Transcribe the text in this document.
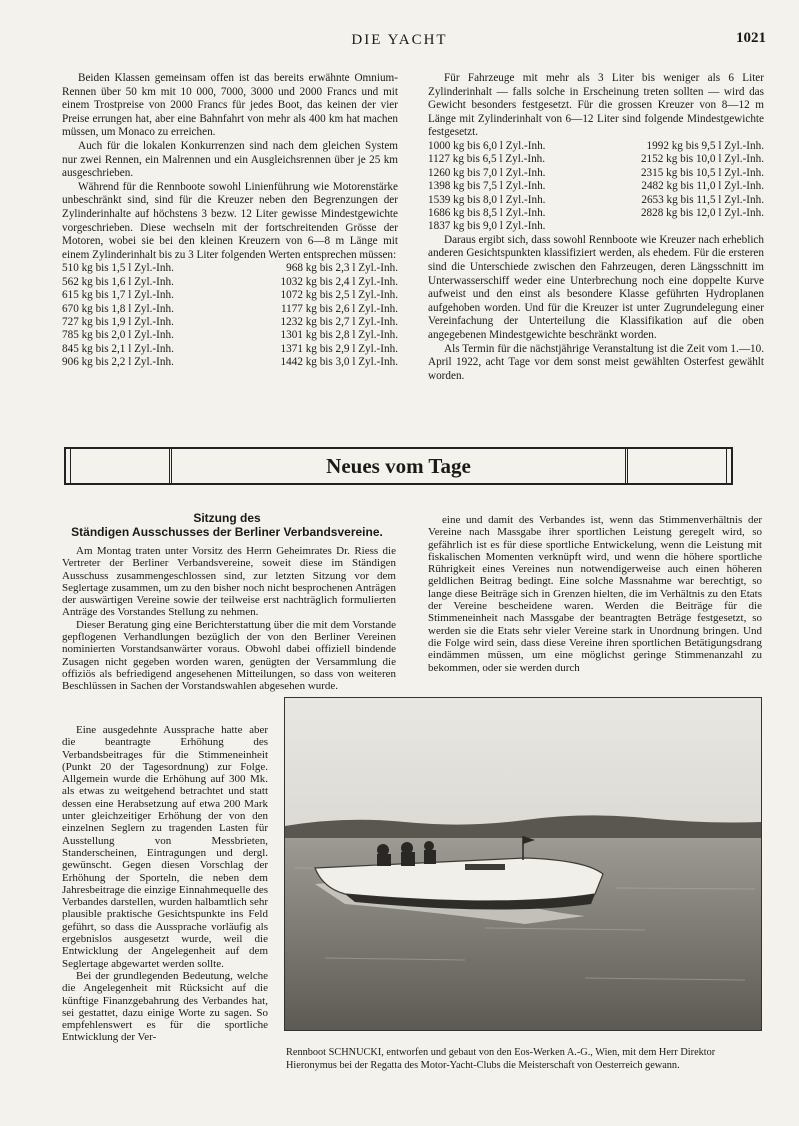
DIE YACHT	1021

Beiden Klassen gemeinsam offen ist das bereits erwähnte Omnium-Rennen über 50 km mit 10 000, 7000, 3000 und 2000 Francs und mit einem Trostpreise von 2000 Francs für jedes Boot, das keinen der vier Preise errungen hat, aber eine Bahnfahrt von mehr als 400 km hat machen müssen, um Monaco zu erreichen.

Auch für die lokalen Konkurrenzen sind nach dem gleichen System nur zwei Rennen, ein Malrennen und ein Ausgleichsrennen über je 25 km ausgeschrieben.

Während für die Rennboote sowohl Linienführung wie Motorenstärke unbeschränkt sind, sind für die Kreuzer neben den Begrenzungen der Zylinderinhalte auf höchstens 3 bezw. 12 Liter gewisse Mindestgewichte vorgeschrieben. Diese wechseln mit der fortschreitenden Grösse der Motoren, wobei sie bei den kleinen Kreuzern von 6—8 m Länge mit einem Zylinderinhalt bis zu 3 Liter folgenden Werten entsprechen müssen:

510 kg bis 1,5 l Zyl.-Inh.	968 kg bis 2,3 l Zyl.-Inh.
562 kg bis 1,6 l Zyl.-Inh.	1032 kg bis 2,4 l Zyl.-Inh.
615 kg bis 1,7 l Zyl.-Inh.	1072 kg bis 2,5 l Zyl.-Inh.
670 kg bis 1,8 l Zyl.-Inh.	1177 kg bis 2,6 l Zyl.-Inh.
727 kg bis 1,9 l Zyl.-Inh.	1232 kg bis 2,7 l Zyl.-Inh.
785 kg bis 2,0 l Zyl.-Inh.	1301 kg bis 2,8 l Zyl.-Inh.
845 kg bis 2,1 l Zyl.-Inh.	1371 kg bis 2,9 l Zyl.-Inh.
906 kg bis 2,2 l Zyl.-Inh.	1442 kg bis 3,0 l Zyl.-Inh.

Für Fahrzeuge mit mehr als 3 Liter bis weniger als 6 Liter Zylinderinhalt — falls solche in Erscheinung treten sollten — wird das Gewicht besonders festgesetzt. Für die grossen Kreuzer von 8—12 m Länge mit Zylinderinhalt von 6—12 Liter sind folgende Mindestgewichte festgesetzt.

1000 kg bis 6,0 l Zyl.-Inh.	1992 kg bis 9,5 l Zyl.-Inh.
1127 kg bis 6,5 l Zyl.-Inh.	2152 kg bis 10,0 l Zyl.-Inh.
1260 kg bis 7,0 l Zyl.-Inh.	2315 kg bis 10,5 l Zyl.-Inh.
1398 kg bis 7,5 l Zyl.-Inh.	2482 kg bis 11,0 l Zyl.-Inh.
1539 kg bis 8,0 l Zyl.-Inh.	2653 kg bis 11,5 l Zyl.-Inh.
1686 kg bis 8,5 l Zyl.-Inh.	2828 kg bis 12,0 l Zyl.-Inh.
1837 kg bis 9,0 l Zyl.-Inh.	

Daraus ergibt sich, dass sowohl Rennboote wie Kreuzer nach erheblich anderen Gesichtspunkten klassifiziert werden, als ehedem. Für die ersteren sind die Unterschiede zwischen den Fahrzeugen, deren Längsschnitt im Unterwasserschiff weder eine Unterbrechung noch eine doppelte Kurve aufweist und den einst als besondere Klasse geführten Hydroplanen aufgehoben worden. Und für die Kreuzer ist unter Zugrundelegung einer Vereinfachung der Unterteilung die Klassifikation auf die oben angegebenen Mindestgewichte beschränkt worden.

Als Termin für die nächstjährige Veranstaltung ist die Zeit vom 1.—10. April 1922, acht Tage vor dem sonst meist gewählten Osterfest gewählt worden.

Neues vom Tage
Sitzung des
Ständigen Ausschusses der Berliner Verbandsvereine.

Am Montag traten unter Vorsitz des Herrn Geheimrates Dr. Riess die Vertreter der Berliner Verbandsvereine, soweit diese im Ständigen Ausschuss zusammengeschlossen sind, zur letzten Sitzung vor dem Seglertage zusammen, um zu den bisher noch nicht besprochenen Anträgen der auswärtigen Vereine sowie der teilweise erst nachträglich formulierten Anträge des Vorstandes Stellung zu nehmen.

Dieser Beratung ging eine Berichterstattung über die mit dem Vorstande gepflogenen Verhandlungen bezüglich der von den Berliner Vereinen nominierten Vorstandsanwärter voraus. Obwohl dabei offiziell bindende Zusagen nicht gegeben worden waren, genügten der Versammlung die offiziös als befriedigend angesehenen Mitteilungen, so dass von weiteren Beschlüssen in Sachen der Vorstandswahlen abgesehen wurde.

Eine ausgedehnte Aussprache hatte aber die beantragte Erhöhung des Verbandsbeitrages für die Stimmeneinheit (Punkt 20 der Tagesordnung) zur Folge. Allgemein wurde die Erhöhung auf 300 Mk. als etwas zu weitgehend betrachtet und statt dessen eine Herabsetzung auf etwa 200 Mark unter gleichzeitiger Erhöhung der von den einzelnen Seglern zu tragenden Lasten für Ausstellung von Messbrieten, Standerscheinen, Eintragungen und dergl. gewünscht. Gegen diesen Vorschlag der Erhöhung der Sporteln, die neben dem Jahresbeitrage die einzige Einnahmequelle des Verbandes darstellen, wurden halbamtlich sehr plausible praktische Gesichtspunkte ins Feld geführt, so dass die Aussprache vorläufig als ergebnislos ausgesetzt wurde, weil die Entwicklung der Angelegenheit auf dem Seglertage abgewartet werden sollte.

Bei der grundlegenden Bedeutung, welche die Angelegenheit mit Rücksicht auf die künftige Finanzgebahrung des Verbandes hat, sei gestattet, dazu einige Worte zu sagen. So empfehlenswert es für die sportliche Entwicklung der Ver-

eine und damit des Verbandes ist, wenn das Stimmenverhältnis der Vereine nach Massgabe ihrer sportlichen Leistung geregelt wird, so gefährlich ist es für diese sportliche Entwickelung, wenn die Leistung mit fiskalischen Momenten verknüpft wird, und wenn die höhere sportliche Rührigkeit eines Vereines nun notwendigerweise auch einen höheren geldlichen Beitrag bedingt. Eine solche Massnahme war berechtigt, so lange diese Beiträge sich in Grenzen hielten, die im Verhältnis zu den Etats der Vereine bescheidene waren. Werden die Beiträge für die Stimmeneinheit nach Massgabe der beantragten Beträge festgesetzt, so werden sie die Etats sehr vieler Vereine stark in Unordnung bringen. Und die Folge wird sein, dass diese Vereine ihren sportlichen Betätigungsdrang eindämmen müssen, um eine möglichst geringe Stimmenanzahl zu bekommen, oder sie werden durch

Rennboot SCHNUCKI, entworfen und gebaut von den Eos-Werken A.-G., Wien, mit dem Herr Direktor Hieronymus bei der Regatta des Motor-Yacht-Clubs die Meisterschaft von Oesterreich gewann.
